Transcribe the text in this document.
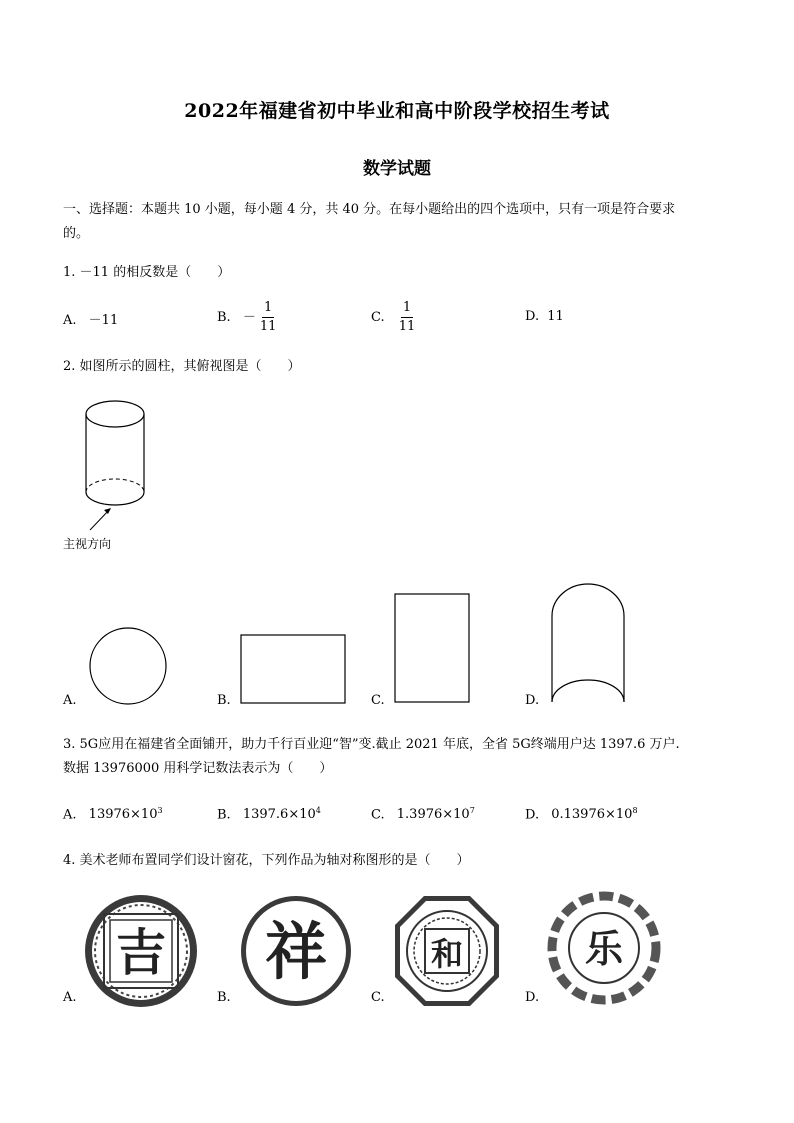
2022年福建省初中毕业和高中阶段学校招生考试
数学试题
一、选择题：本题共 10 小题，每小题 4 分，共 40 分。在每小题给出的四个选项中，只有一项是符合要求
的。
1. －11 的相反数是（　　）
A. －11	B. － $\frac{1}{11}$	C. $\frac{1}{11}$	D. 11
2. 如图所示的圆柱，其俯视图是（　　）
主视方向
A.	B.	C.	D.
3. 5G应用在福建省全面铺开，助力千行百业迎“智”变.截止 2021 年底，全省 5G终端用户达 1397.6 万户.
数据 13976000 用科学记数法表示为（　　）
A. $13976\times 10^3$	B. $1397.6\times 10^4$	C. $1.3976\times 10^7$	D. $0.13976\times 10^8$
4. 美术老师布置同学们设计窗花，下列作品为轴对称图形的是（　　）
吉
A.
祥
B.
和
C.
乐
D.
